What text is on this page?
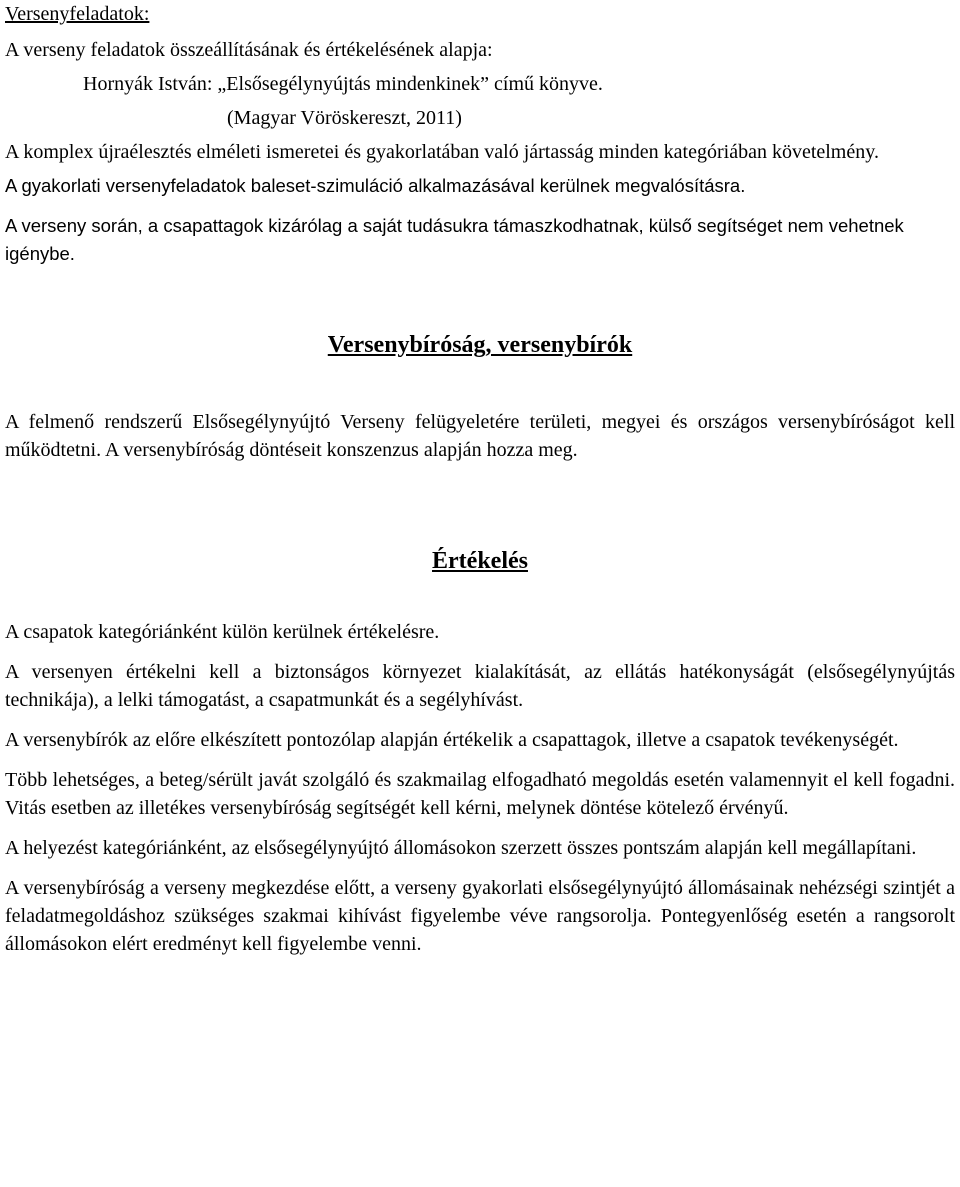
Versenyfeladatok:

A verseny feladatok összeállításának és értékelésének alapja:

Hornyák István: „Elsősegélynyújtás mindenkinek” című könyve.

(Magyar Vöröskereszt, 2011)

A komplex újraélesztés elméleti ismeretei és gyakorlatában való jártasság minden kategóriában követelmény.

A gyakorlati versenyfeladatok baleset-szimuláció alkalmazásával kerülnek megvalósításra.

A verseny során, a csapattagok kizárólag a saját tudásukra támaszkodhatnak, külső segítséget nem vehetnek igénybe.

Versenybíróság, versenybírók

A felmenő rendszerű Elsősegélynyújtó Verseny felügyeletére területi, megyei és országos versenybíróságot kell működtetni. A versenybíróság döntéseit konszenzus alapján hozza meg.

Értékelés

A csapatok kategóriánként külön kerülnek értékelésre.

A versenyen értékelni kell a biztonságos környezet kialakítását, az ellátás hatékonyságát (elsősegélynyújtás technikája), a lelki támogatást, a csapatmunkát és a segélyhívást.

A versenybírók az előre elkészített pontozólap alapján értékelik a csapattagok, illetve a csapatok tevékenységét.

Több lehetséges, a beteg/sérült javát szolgáló és szakmailag elfogadható megoldás esetén valamennyit el kell fogadni. Vitás esetben az illetékes versenybíróság segítségét kell kérni, melynek döntése kötelező érvényű.

A helyezést kategóriánként, az elsősegélynyújtó állomásokon szerzett összes pontszám alapján kell megállapítani.

A versenybíróság a verseny megkezdése előtt, a verseny gyakorlati elsősegélynyújtó állomásainak nehézségi szintjét a feladatmegoldáshoz szükséges szakmai kihívást figyelembe véve rangsorolja. Pontegyenlőség esetén a rangsorolt állomásokon elért eredményt kell figyelembe venni.
